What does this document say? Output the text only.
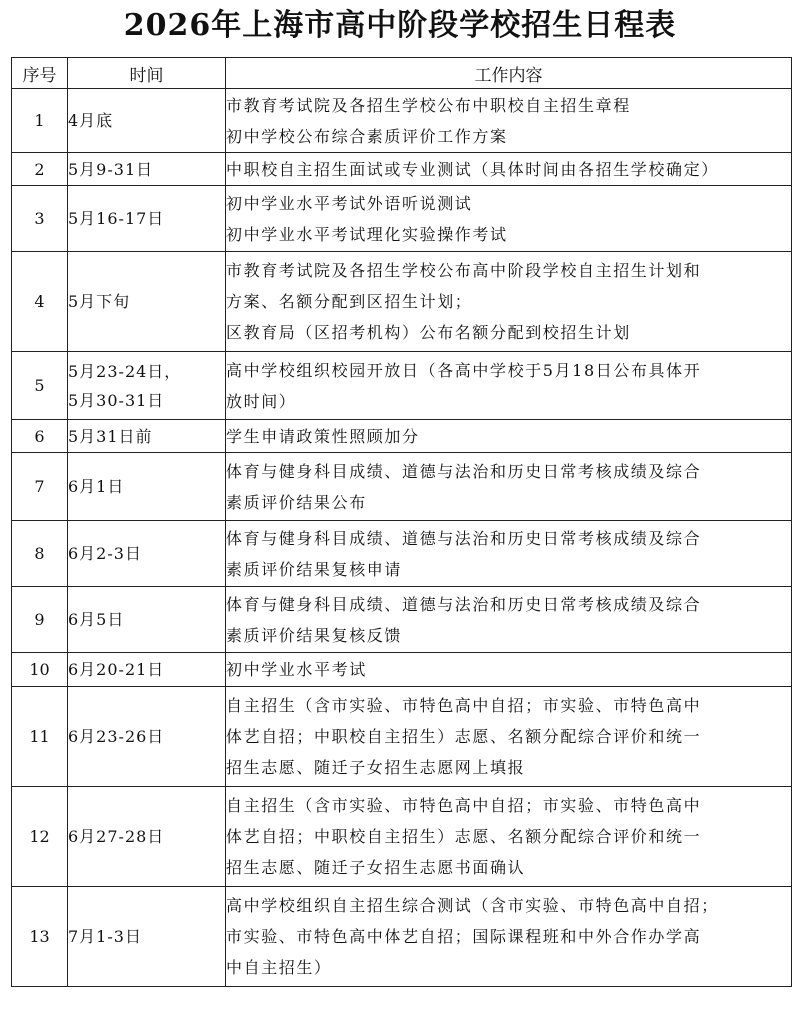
2026年上海市高中阶段学校招生日程表
序号	时间	工作内容
1	4月底	市教育考试院及各招生学校公布中职校自主招生章程
初中学校公布综合素质评价工作方案

2	5月9-31日	中职校自主招生面试或专业测试（具体时间由各招生学校确定）

3	5月16-17日	初中学业水平考试外语听说测试
初中学业水平考试理化实验操作考试

4	5月下旬	市教育考试院及各招生学校公布高中阶段学校自主招生计划和
方案、名额分配到区招生计划；
区教育局（区招考机构）公布名额分配到校招生计划

5	5月23-24日，
5月30-31日	高中学校组织校园开放日（各高中学校于5月18日公布具体开
放时间）

6	5月31日前	学生申请政策性照顾加分

7	6月1日	体育与健身科目成绩、道德与法治和历史日常考核成绩及综合
素质评价结果公布

8	6月2-3日	体育与健身科目成绩、道德与法治和历史日常考核成绩及综合
素质评价结果复核申请

9	6月5日	体育与健身科目成绩、道德与法治和历史日常考核成绩及综合
素质评价结果复核反馈

10	6月20-21日	初中学业水平考试

11	6月23-26日	自主招生（含市实验、市特色高中自招；市实验、市特色高中
体艺自招；中职校自主招生）志愿、名额分配综合评价和统一
招生志愿、随迁子女招生志愿网上填报

12	6月27-28日	自主招生（含市实验、市特色高中自招；市实验、市特色高中
体艺自招；中职校自主招生）志愿、名额分配综合评价和统一
招生志愿、随迁子女招生志愿书面确认

13	7月1-3日	高中学校组织自主招生综合测试（含市实验、市特色高中自招；
市实验、市特色高中体艺自招；国际课程班和中外合作办学高
中自主招生）
